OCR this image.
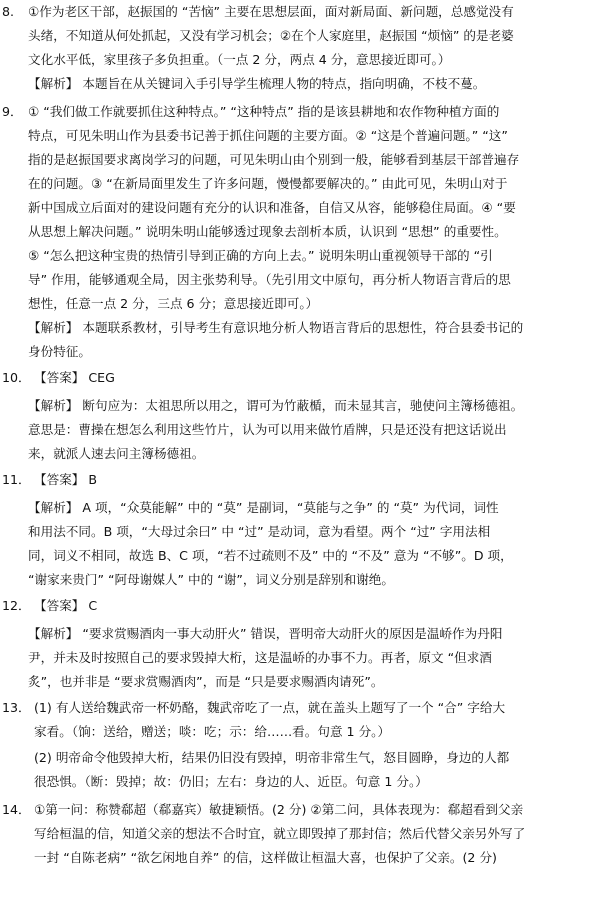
8. ①作为老区干部，赵振国的 “苦恼” 主要在思想层面，面对新局面、新问题，总感觉没有
头绪，不知道从何处抓起，又没有学习机会；②在个人家庭里，赵振国 “烦恼” 的是老婆
文化水平低，家里孩子多负担重。（一点 2 分，两点 4 分，意思接近即可。）
【解析】 本题旨在从关键词入手引导学生梳理人物的特点，指向明确，不枝不蔓。
9． ① “我们做工作就要抓住这种特点。” “这种特点” 指的是该县耕地和农作物种植方面的
特点，可见朱明山作为县委书记善于抓住问题的主要方面。② “这是个普遍问题。” “这”
指的是赵振国要求离岗学习的问题，可见朱明山由个别到一般，能够看到基层干部普遍存
在的问题。③ “在新局面里发生了许多问题，慢慢都要解决的。” 由此可见，朱明山对于
新中国成立后面对的建设问题有充分的认识和准备，自信又从容，能够稳住局面。④ “要
从思想上解决问题。” 说明朱明山能够透过现象去剖析本质，认识到 “思想” 的重要性。
⑤ “怎么把这种宝贵的热情引导到正确的方向上去。” 说明朱明山重视领导干部的 “引
导” 作用，能够通观全局，因主张势利导。（先引用文中原句，再分析人物语言背后的思
想性，任意一点 2 分，三点 6 分；意思接近即可。）
【解析】 本题联系教材，引导考生有意识地分析人物语言背后的思想性，符合县委书记的
身份特征。
10． 【答案】 CEG
【解析】 断句应为：太祖思所以用之，谓可为竹蔽楯，而未显其言，驰使问主簿杨德祖。
意思是：曹操在想怎么利用这些竹片，认为可以用来做竹盾牌，只是还没有把这话说出
来，就派人速去问主簿杨德祖。
11． 【答案】 B
【解析】 A 项，“众莫能解” 中的 “莫” 是副词，“莫能与之争” 的 “莫” 为代词，词性
和用法不同。B 项，“大母过余曰” 中 “过” 是动词，意为看望。两个 “过” 字用法相
同，词义不相同，故选 B、C 项，“若不过疏则不及” 中的 “不及” 意为 “不够”。D 项，
“谢家来贵门” “阿母谢媒人” 中的 “谢”，词义分别是辞别和谢绝。
12． 【答案】 C
【解析】 “要求赏赐酒肉一事大动肝火” 错误，晋明帝大动肝火的原因是温峤作为丹阳
尹，并未及时按照自己的要求毁掉大桁，这是温峤的办事不力。再者，原文 “但求酒
炙”，也并非是 “要求赏赐酒肉”，而是 “只是要求赐酒肉请死”。
13． (1) 有人送给魏武帝一杯奶酪，魏武帝吃了一点，就在盖头上题写了一个 “合” 字给大
家看。（饷：送给，赠送；啖：吃；示：给……看。句意 1 分。）
(2) 明帝命令他毁掉大桁，结果仍旧没有毁掉，明帝非常生气，怒目圆睁，身边的人都
很恐惧。（断：毁掉；故：仍旧；左右：身边的人、近臣。句意 1 分。）
14． ①第一问：称赞郗超（郗嘉宾）敏捷颖悟。(2 分) ②第二问，具体表现为：郗超看到父亲
写给桓温的信，知道父亲的想法不合时宜，就立即毁掉了那封信；然后代替父亲另外写了
一封 “自陈老病” “欲乞闲地自养” 的信，这样做让桓温大喜，也保护了父亲。(2 分)
